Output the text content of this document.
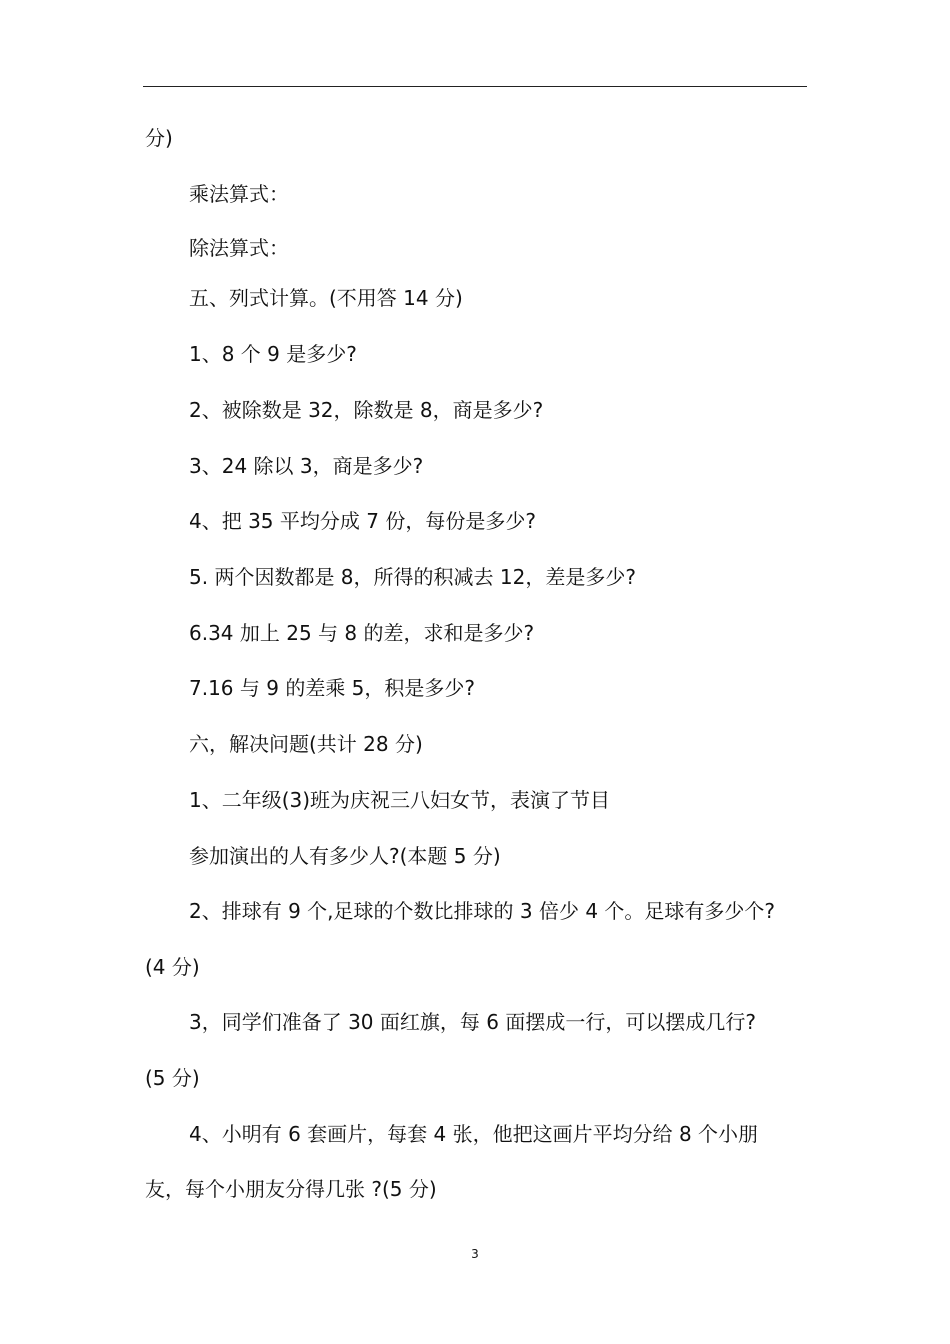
分)
乘法算式：
除法算式：
五、列式计算。(不用答 14 分)
1、8 个 9 是多少?
2、被除数是 32，除数是 8，商是多少?
3、24 除以 3，商是多少?
4、把 35 平均分成 7 份，每份是多少?
5. 两个因数都是 8，所得的积减去 12，差是多少?
6.34 加上 25 与 8 的差，求和是多少?
7.16 与 9 的差乘 5，积是多少?
六，解决问题(共计 28 分)
1、二年级(3)班为庆祝三八妇女节，表演了节目
参加演出的人有多少人?(本题 5 分)
2、排球有 9 个,足球的个数比排球的 3 倍少 4 个。足球有多少个?
(4 分)
3，同学们准备了 30 面红旗，每 6 面摆成一行，可以摆成几行?
(5 分)
4、小明有 6 套画片，每套 4 张，他把这画片平均分给 8 个小朋
友，每个小朋友分得几张 ?(5 分)
3
